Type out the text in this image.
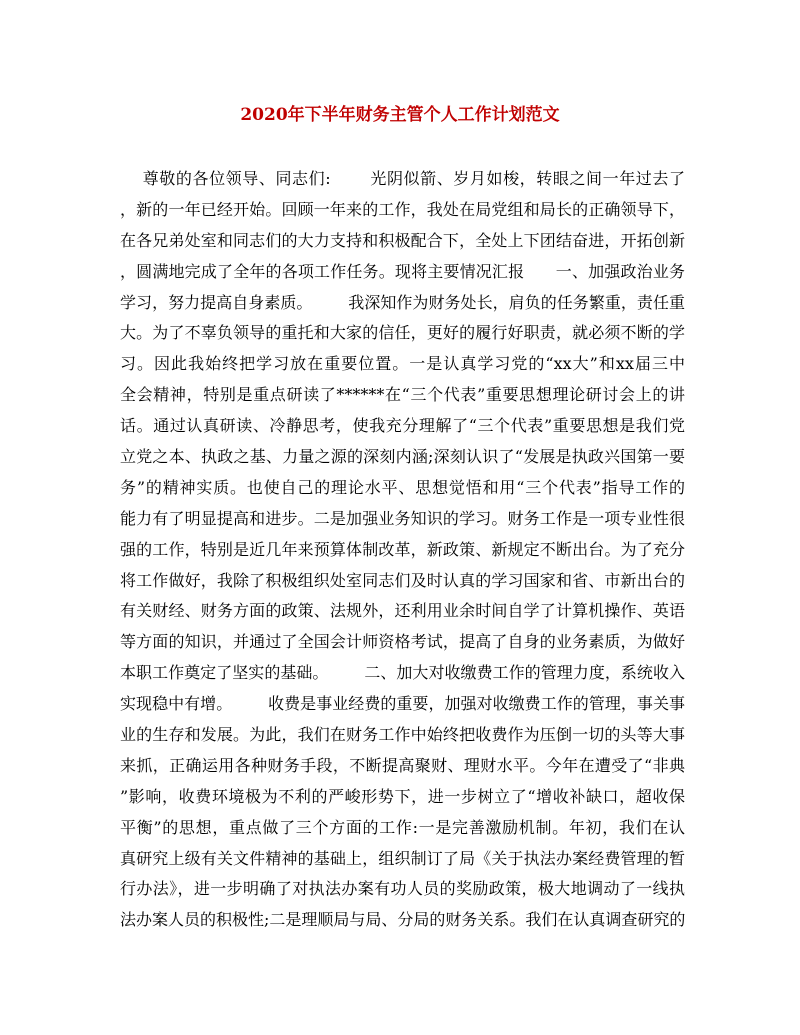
2020年下半年财务主管个人工作计划范文
尊敬的各位领导、同志们:       光阴似箭、岁月如梭，转眼之间一年过去了
，新的一年已经开始。回顾一年来的工作，我处在局党组和局长的正确领导下，
在各兄弟处室和同志们的大力支持和积极配合下，全处上下团结奋进，开拓创新
，圆满地完成了全年的各项工作任务。现将主要情况汇报      一、加强政治业务
学习，努力提高自身素质。       我深知作为财务处长，肩负的任务繁重，责任重
大。为了不辜负领导的重托和大家的信任，更好的履行好职责，就必须不断的学
习。因此我始终把学习放在重要位置。一是认真学习党的“xx大”和xx届三中
全会精神，特别是重点研读了******在“三个代表”重要思想理论研讨会上的讲
话。通过认真研读、冷静思考，使我充分理解了“三个代表”重要思想是我们党
立党之本、执政之基、力量之源的深刻内涵;深刻认识了“发展是执政兴国第一要
务”的精神实质。也使自己的理论水平、思想觉悟和用“三个代表”指导工作的
能力有了明显提高和进步。二是加强业务知识的学习。财务工作是一项专业性很
强的工作，特别是近几年来预算体制改革，新政策、新规定不断出台。为了充分
将工作做好，我除了积极组织处室同志们及时认真的学习国家和省、市新出台的
有关财经、财务方面的政策、法规外，还利用业余时间自学了计算机操作、英语
等方面的知识，并通过了全国会计师资格考试，提高了自身的业务素质，为做好
本职工作奠定了坚实的基础。       二、加大对收缴费工作的管理力度，系统收入
实现稳中有增。       收费是事业经费的重要，加强对收缴费工作的管理，事关事
业的生存和发展。为此，我们在财务工作中始终把收费作为压倒一切的头等大事
来抓，正确运用各种财务手段，不断提高聚财、理财水平。今年在遭受了“非典
”影响，收费环境极为不利的严峻形势下，进一步树立了“增收补缺口，超收保
平衡”的思想，重点做了三个方面的工作:一是完善激励机制。年初，我们在认
真研究上级有关文件精神的基础上，组织制订了局《关于执法办案经费管理的暂
行办法》，进一步明确了对执法办案有功人员的奖励政策，极大地调动了一线执
法办案人员的积极性;二是理顺局与局、分局的财务关系。我们在认真调查研究的
